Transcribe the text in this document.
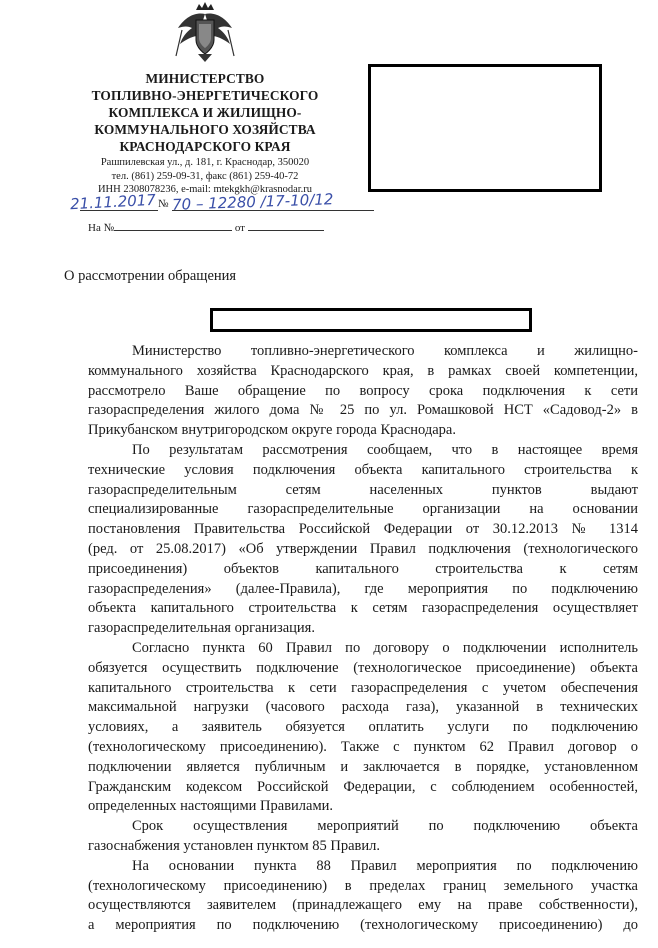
МИНИСТЕРСТВО
ТОПЛИВНО-ЭНЕРГЕТИЧЕСКОГО
КОМПЛЕКСА И ЖИЛИЩНО-
КОММУНАЛЬНОГО ХОЗЯЙСТВА
КРАСНОДАРСКОГО КРАЯ
Рашпилевская ул., д. 181, г. Краснодар, 350020
тел. (861) 259-09-31, факс (861) 259-40-72
ИНН 2308078236, e-mail: mtekgkh@krasnodar.ru
21.11.2017 № 70 – 12280 /17-10/12
На №	от
О рассмотрении обращения
Министерство топливно-энергетического комплекса и жилищно-
коммунального хозяйства Краснодарского края, в рамках своей компетенции,
рассмотрело Ваше обращение по вопросу срока подключения к сети
газораспределения жилого дома № 25 по ул. Ромашковой НСТ «Садовод-2» в
Прикубанском внутригородском округе города Краснодара.
По результатам рассмотрения сообщаем, что в настоящее время
технические условия подключения объекта капитального строительства к
газораспределительным сетям населенных пунктов выдают
специализированные газораспределительные организации на основании
постановления Правительства Российской Федерации от 30.12.2013 № 1314
(ред. от 25.08.2017) «Об утверждении Правил подключения (технологического
присоединения) объектов капитального строительства к сетям
газораспределения» (далее-Правила), где мероприятия по подключению
объекта капитального строительства к сетям газораспределения осуществляет
газораспределительная организация.
Согласно пункта 60 Правил по договору о подключении исполнитель
обязуется осуществить подключение (технологическое присоединение) объекта
капитального строительства к сети газораспределения с учетом обеспечения
максимальной нагрузки (часового расхода газа), указанной в технических
условиях, а заявитель обязуется оплатить услуги по подключению
(технологическому присоединению). Также с пунктом 62 Правил договор о
подключении является публичным и заключается в порядке, установленном
Гражданским кодексом Российской Федерации, с соблюдением особенностей,
определенных настоящими Правилами.
Срок осуществления мероприятий по подключению объекта
газоснабжения установлен пунктом 85 Правил.
На основании пункта 88 Правил мероприятия по подключению
(технологическому присоединению) в пределах границ земельного участка
осуществляются заявителем (принадлежащего ему на праве собственности),
а мероприятия по подключению (технологическому присоединению) до
